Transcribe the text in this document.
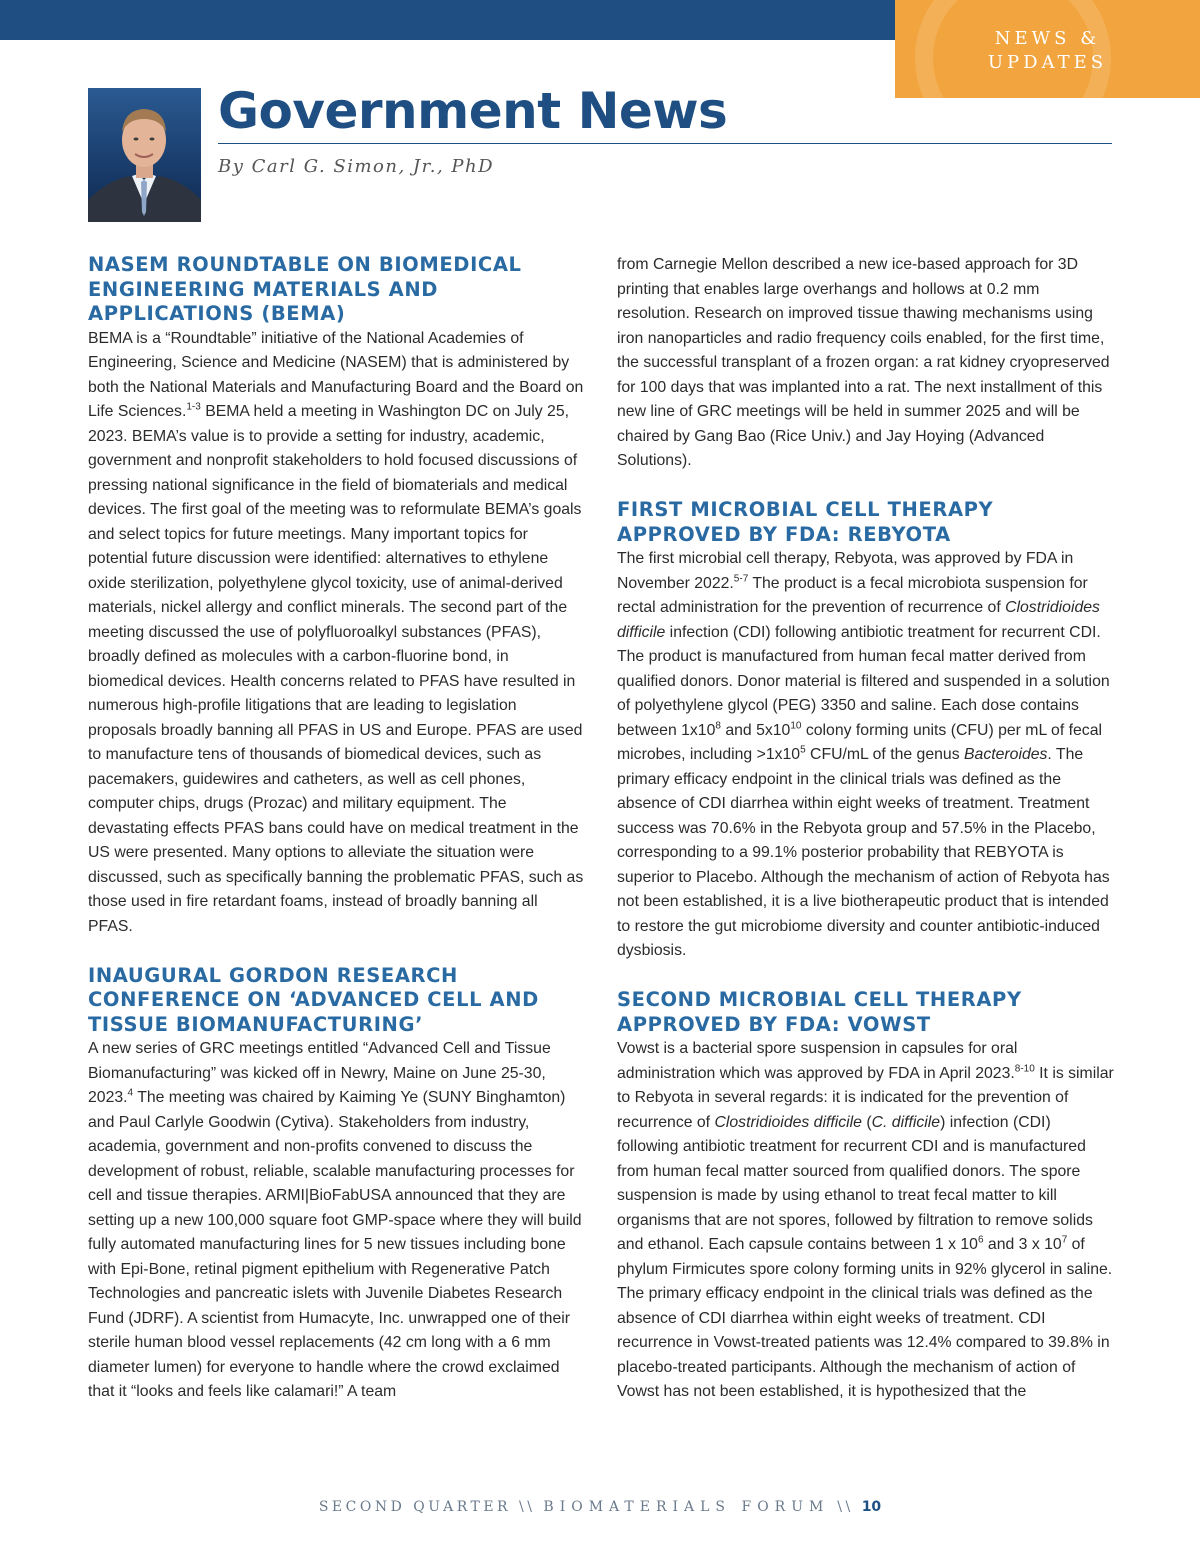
NEWS &
UPDATES
Government News
By Carl G. Simon, Jr., PhD
NASEM ROUNDTABLE ON BIOMEDICAL ENGINEERING MATERIALS AND APPLICATIONS (BEMA)

BEMA is a “Roundtable” initiative of the National Academies of Engineering, Science and Medicine (NASEM) that is administered by both the National Materials and Manufacturing Board and the Board on Life Sciences.$^{1-3}$ BEMA held a meeting in Washington DC on July 25, 2023. BEMA’s value is to provide a setting for industry, academic, government and nonprofit stakeholders to hold focused discussions of pressing national significance in the field of biomaterials and medical devices. The first goal of the meeting was to reformulate BEMA’s goals and select topics for future meetings. Many important topics for potential future discussion were identified: alternatives to ethylene oxide sterilization, polyethylene glycol toxicity, use of animal-derived materials, nickel allergy and conflict minerals. The second part of the meeting discussed the use of polyfluoroalkyl substances (PFAS), broadly defined as molecules with a carbon-fluorine bond, in biomedical devices. Health concerns related to PFAS have resulted in numerous high-profile litigations that are leading to legislation proposals broadly banning all PFAS in US and Europe. PFAS are used to manufacture tens of thousands of biomedical devices, such as pacemakers, guidewires and catheters, as well as cell phones, computer chips, drugs (Prozac) and military equipment. The devastating effects PFAS bans could have on medical treatment in the US were presented. Many options to alleviate the situation were discussed, such as specifically banning the problematic PFAS, such as those used in fire retardant foams, instead of broadly banning all PFAS.

INAUGURAL GORDON RESEARCH CONFERENCE ON ‘ADVANCED CELL AND TISSUE BIOMANUFACTURING’

A new series of GRC meetings entitled “Advanced Cell and Tissue Biomanufacturing” was kicked off in Newry, Maine on June 25-30, 2023.$^4$ The meeting was chaired by Kaiming Ye (SUNY Binghamton) and Paul Carlyle Goodwin (Cytiva). Stakeholders from industry, academia, government and non-profits convened to discuss the development of robust, reliable, scalable manufacturing processes for cell and tissue therapies. ARMI|BioFabUSA announced that they are setting up a new 100,000 square foot GMP-space where they will build fully automated manufacturing lines for 5 new tissues including bone with Epi-Bone, retinal pigment epithelium with Regenerative Patch Technologies and pancreatic islets with Juvenile Diabetes Research Fund (JDRF). A scientist from Humacyte, Inc. unwrapped one of their sterile human blood vessel replacements (42 cm long with a 6 mm diameter lumen) for everyone to handle where the crowd exclaimed that it “looks and feels like calamari!” A team

from Carnegie Mellon described a new ice-based approach for 3D printing that enables large overhangs and hollows at 0.2 mm resolution. Research on improved tissue thawing mechanisms using iron nanoparticles and radio frequency coils enabled, for the first time, the successful transplant of a frozen organ: a rat kidney cryopreserved for 100 days that was implanted into a rat. The next installment of this new line of GRC meetings will be held in summer 2025 and will be chaired by Gang Bao (Rice Univ.) and Jay Hoying (Advanced Solutions).

FIRST MICROBIAL CELL THERAPY APPROVED BY FDA: REBYOTA

The first microbial cell therapy, Rebyota, was approved by FDA in November 2022.$^{5-7}$ The product is a fecal microbiota suspension for rectal administration for the prevention of recurrence of Clostridioides difficile infection (CDI) following antibiotic treatment for recurrent CDI. The product is manufactured from human fecal matter derived from qualified donors. Donor material is filtered and suspended in a solution of polyethylene glycol (PEG) 3350 and saline. Each dose contains between $1x10^8$ and $5x10^{10}$ colony forming units (CFU) per mL of fecal microbes, including $>1x10^5$ CFU/mL of the genus Bacteroides. The primary efficacy endpoint in the clinical trials was defined as the absence of CDI diarrhea within eight weeks of treatment. Treatment success was 70.6% in the Rebyota group and 57.5% in the Placebo, corresponding to a 99.1% posterior probability that REBYOTA is superior to Placebo. Although the mechanism of action of Rebyota has not been established, it is a live biotherapeutic product that is intended to restore the gut microbiome diversity and counter antibiotic-induced dysbiosis.

SECOND MICROBIAL CELL THERAPY APPROVED BY FDA: VOWST

Vowst is a bacterial spore suspension in capsules for oral administration which was approved by FDA in April 2023.$^{8-10}$ It is similar to Rebyota in several regards: it is indicated for the prevention of recurrence of Clostridioides difficile (C. difficile) infection (CDI) following antibiotic treatment for recurrent CDI and is manufactured from human fecal matter sourced from qualified donors. The spore suspension is made by using ethanol to treat fecal matter to kill organisms that are not spores, followed by filtration to remove solids and ethanol. Each capsule contains between 1 x $10^6$ and 3 x $10^7$ of phylum Firmicutes spore colony forming units in 92% glycerol in saline. The primary efficacy endpoint in the clinical trials was defined as the absence of CDI diarrhea within eight weeks of treatment. CDI recurrence in Vowst-treated patients was 12.4% compared to 39.8% in placebo-treated participants. Although the mechanism of action of Vowst has not been established, it is hypothesized that the

SECOND QUARTER \\ BIOMATERIALS FORUM \\ 10
